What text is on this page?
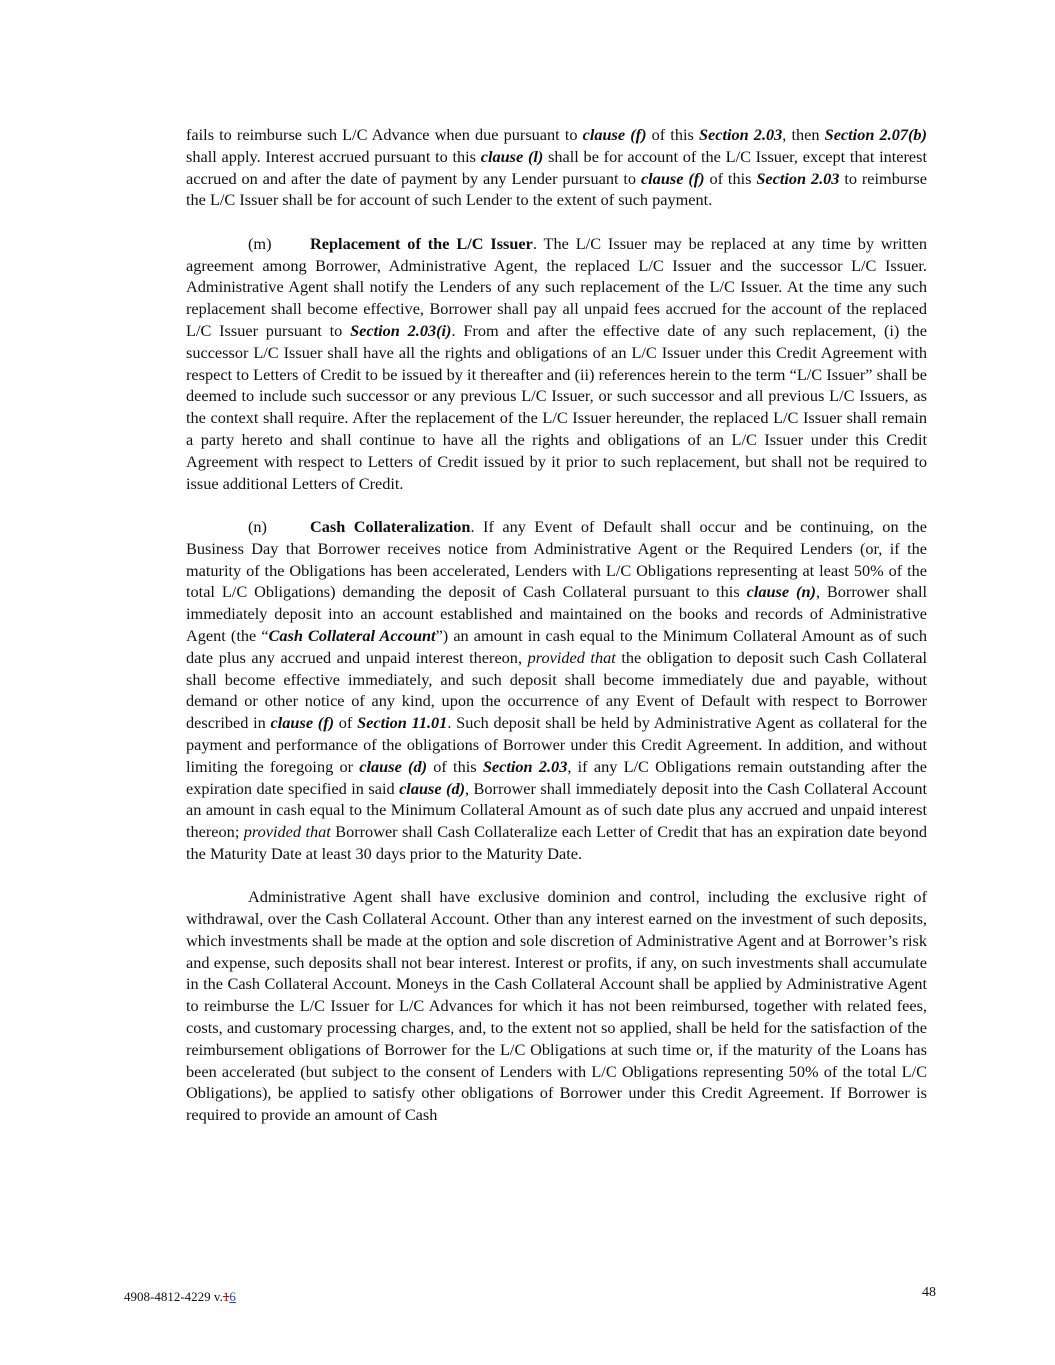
fails to reimburse such L/C Advance when due pursuant to clause (f) of this Section 2.03, then Section 2.07(b) shall apply. Interest accrued pursuant to this clause (l) shall be for account of the L/C Issuer, except that interest accrued on and after the date of payment by any Lender pursuant to clause (f) of this Section 2.03 to reimburse the L/C Issuer shall be for account of such Lender to the extent of such payment.

(m) Replacement of the L/C Issuer. The L/C Issuer may be replaced at any time by written agreement among Borrower, Administrative Agent, the replaced L/C Issuer and the successor L/C Issuer. Administrative Agent shall notify the Lenders of any such replacement of the L/C Issuer. At the time any such replacement shall become effective, Borrower shall pay all unpaid fees accrued for the account of the replaced L/C Issuer pursuant to Section 2.03(i). From and after the effective date of any such replacement, (i) the successor L/C Issuer shall have all the rights and obligations of an L/C Issuer under this Credit Agreement with respect to Letters of Credit to be issued by it thereafter and (ii) references herein to the term “L/C Issuer” shall be deemed to include such successor or any previous L/C Issuer, or such successor and all previous L/C Issuers, as the context shall require. After the replacement of the L/C Issuer hereunder, the replaced L/C Issuer shall remain a party hereto and shall continue to have all the rights and obligations of an L/C Issuer under this Credit Agreement with respect to Letters of Credit issued by it prior to such replacement, but shall not be required to issue additional Letters of Credit.

(n)	Cash Collateralization. If any Event of Default shall occur and be continuing, on the Business Day that Borrower receives notice from Administrative Agent or the Required Lenders (or, if the maturity of the Obligations has been accelerated, Lenders with L/C Obligations representing at least 50% of the total L/C Obligations) demanding the deposit of Cash Collateral pursuant to this clause (n), Borrower shall immediately deposit into an account established and maintained on the books and records of Administrative Agent (the “Cash Collateral Account”) an amount in cash equal to the Minimum Collateral Amount as of such date plus any accrued and unpaid interest thereon, provided that the obligation to deposit such Cash Collateral shall become effective immediately, and such deposit shall become immediately due and payable, without demand or other notice of any kind, upon the occurrence of any Event of Default with respect to Borrower described in clause (f) of Section 11.01. Such deposit shall be held by Administrative Agent as collateral for the payment and performance of the obligations of Borrower under this Credit Agreement. In addition, and without limiting the foregoing or clause (d) of this Section 2.03, if any L/C Obligations remain outstanding after the expiration date specified in said clause (d), Borrower shall immediately deposit into the Cash Collateral Account an amount in cash equal to the Minimum Collateral Amount as of such date plus any accrued and unpaid interest thereon; provided that Borrower shall Cash Collateralize each Letter of Credit that has an expiration date beyond the Maturity Date at least 30 days prior to the Maturity Date.

Administrative Agent shall have exclusive dominion and control, including the exclusive right of withdrawal, over the Cash Collateral Account. Other than any interest earned on the investment of such deposits, which investments shall be made at the option and sole discretion of Administrative Agent and at Borrower’s risk and expense, such deposits shall not bear interest. Interest or profits, if any, on such investments shall accumulate in the Cash Collateral Account. Moneys in the Cash Collateral Account shall be applied by Administrative Agent to reimburse the L/C Issuer for L/C Advances for which it has not been reimbursed, together with related fees, costs, and customary processing charges, and, to the extent not so applied, shall be held for the satisfaction of the reimbursement obligations of Borrower for the L/C Obligations at such time or, if the maturity of the Loans has been accelerated (but subject to the consent of Lenders with L/C Obligations representing 50% of the total L/C Obligations), be applied to satisfy other obligations of Borrower under this Credit Agreement. If Borrower is required to provide an amount of Cash

4908-4812-4229 v.16	48
